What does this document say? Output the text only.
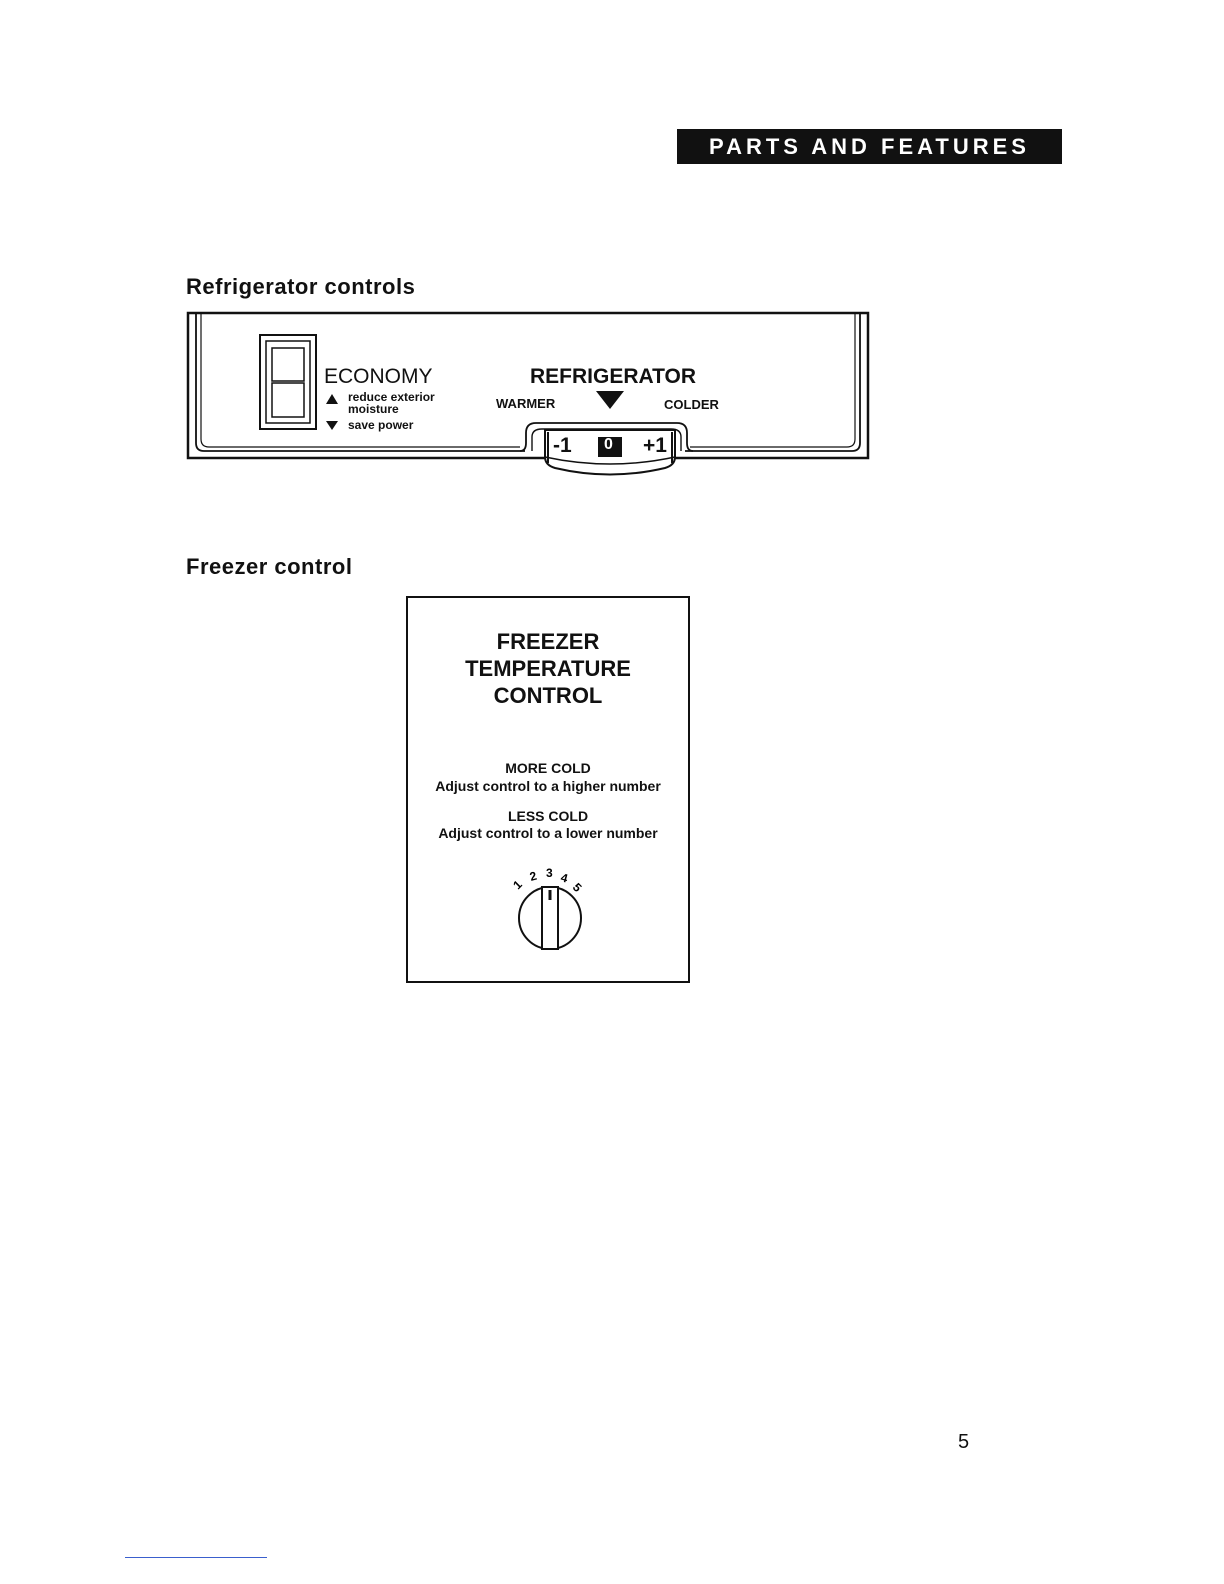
PARTS AND FEATURES
Refrigerator controls
ECONOMY
reduce exterior
moisture
save power
REFRIGERATOR
WARMER	COLDER
-1 0 +1
Freezer control
FREEZER
TEMPERATURE
CONTROL
MORE COLD
Adjust control to a higher number
LESS COLD
Adjust control to a lower number
1
2 3 4
5
5
